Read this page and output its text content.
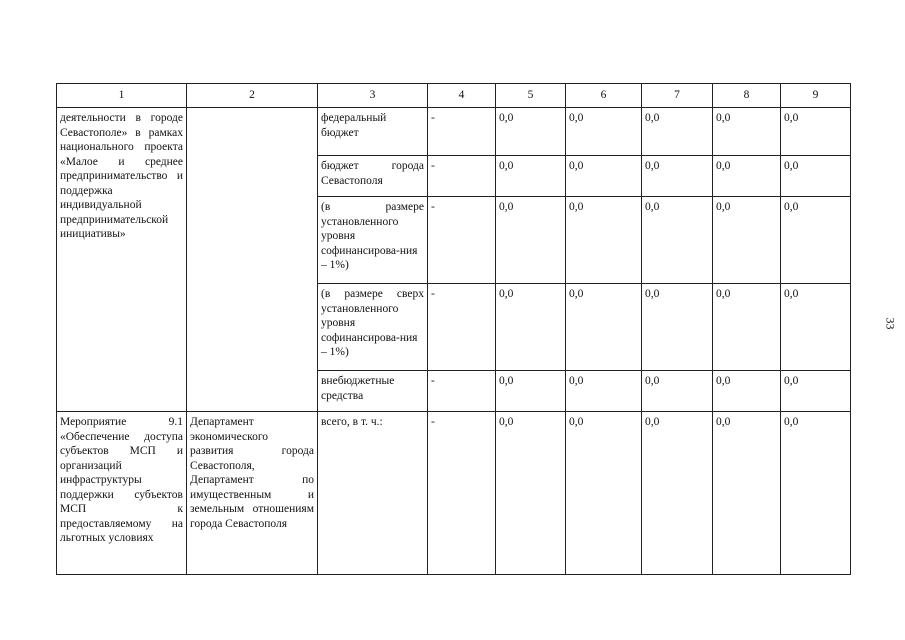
1	2	3	4	5	6	7	8	9
деятельности в городе Севастополе» в рамках национального проекта «Малое и среднее предпринимательство и поддержка индивидуальной предпринимательской инициативы»		федеральный бюджет	-	0,0	0,0	0,0	0,0	0,0
		бюджет города Севастополя	-	0,0	0,0	0,0	0,0	0,0
		(в размере установленного уровня софинансирова-ния – 1%)	-	0,0	0,0	0,0	0,0	0,0
		(в размере сверх установленного уровня софинансирова-ния – 1%)	-	0,0	0,0	0,0	0,0	0,0
		внебюджетные средства	-	0,0	0,0	0,0	0,0	0,0
Мероприятие 9.1 «Обеспечение доступа субъектов МСП и организаций инфраструктуры поддержки субъектов МСП к предоставляемому на льготных условиях	Департамент экономического развития города Севастополя, Департамент по имущественным и земельным отношениям города Севастополя	всего, в т. ч.:	-	0,0	0,0	0,0	0,0	0,0
33
